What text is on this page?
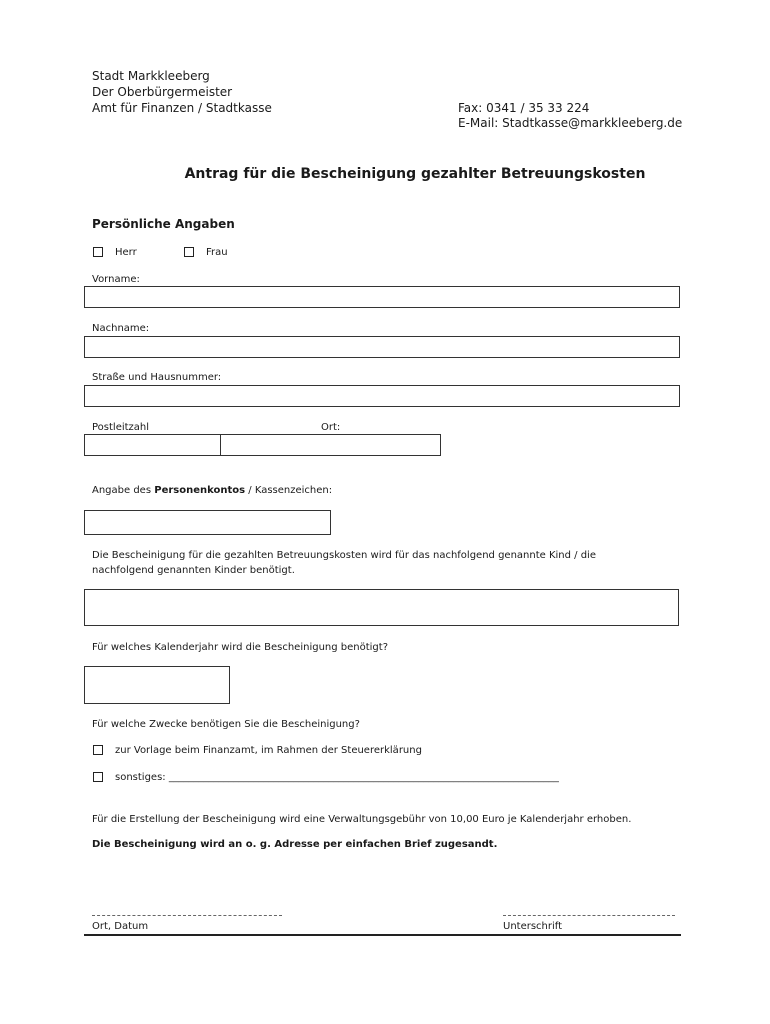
Stadt Markkleeberg
Der Oberbürgermeister
Amt für Finanzen / Stadtkasse	Fax: 0341 / 35 33 224
E-Mail: Stadtkasse@markkleeberg.de
Antrag für die Bescheinigung gezahlter Betreuungskosten
Persönliche Angaben
Herr	Frau
Vorname:
Nachname:
Straße und Hausnummer:
Postleitzahl	Ort:
Angabe des Personenkontos / Kassenzeichen:
Die Bescheinigung für die gezahlten Betreuungskosten wird für das nachfolgend genannte Kind / die
nachfolgend genannten Kinder benötigt.
Für welches Kalenderjahr wird die Bescheinigung benötigt?
Für welche Zwecke benötigen Sie die Bescheinigung?
zur Vorlage beim Finanzamt, im Rahmen der Steuererklärung
sonstiges: ______________________________________________________________________________
Für die Erstellung der Bescheinigung wird eine Verwaltungsgebühr von 10,00 Euro je Kalenderjahr erhoben.
Die Bescheinigung wird an o. g. Adresse per einfachen Brief zugesandt.
Ort, Datum	Unterschrift
